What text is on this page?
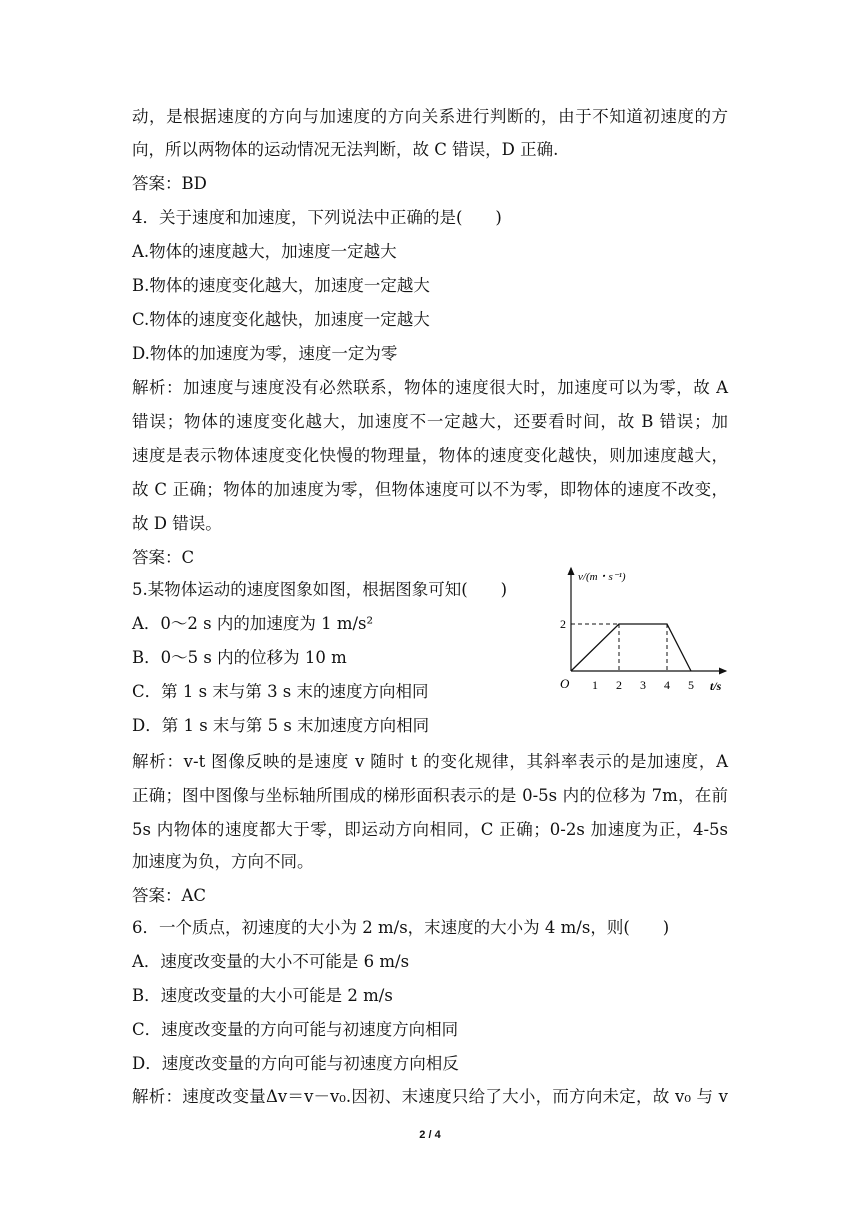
动，是根据速度的方向与加速度的方向关系进行判断的，由于不知道初速度的方
向，所以两物体的运动情况无法判断，故 C 错误，D 正确.
答案：BD
4．关于速度和加速度，下列说法中正确的是(　　)
A.物体的速度越大，加速度一定越大
B.物体的速度变化越大，加速度一定越大
C.物体的速度变化越快，加速度一定越大
D.物体的加速度为零，速度一定为零
解析：加速度与速度没有必然联系，物体的速度很大时，加速度可以为零，故 A
错误；物体的速度变化越大，加速度不一定越大，还要看时间，故 B 错误；加
速度是表示物体速度变化快慢的物理量，物体的速度变化越快，则加速度越大，
故 C 正确；物体的加速度为零，但物体速度可以不为零，即物体的速度不改变，
故 D 错误。
答案：C
5.某物体运动的速度图象如图，根据图象可知(　　)
A．0～2 s 内的加速度为 1 m/s²
B．0～5 s 内的位移为 10 m
C．第 1 s 末与第 3 s 末的速度方向相同
D．第 1 s 末与第 5 s 末加速度方向相同
解析：v-t 图像反映的是速度 v 随时 t 的变化规律，其斜率表示的是加速度，A
正确；图中图像与坐标轴所围成的梯形面积表示的是 0-5s 内的位移为 7m，在前
5s 内物体的速度都大于零，即运动方向相同，C 正确；0-2s 加速度为正，4-5s
加速度为负，方向不同。
答案：AC
6．一个质点，初速度的大小为 2 m/s，末速度的大小为 4 m/s，则(　　)
A．速度改变量的大小不可能是 6 m/s
B．速度改变量的大小可能是 2 m/s
C．速度改变量的方向可能与初速度方向相同
D．速度改变量的方向可能与初速度方向相反
解析：速度改变量Δv＝v－v₀.因初、末速度只给了大小，而方向未定，故 v₀ 与 v
v/(m・s⁻¹)
t/s
O 1 2 3 4 5
2
2 / 4
